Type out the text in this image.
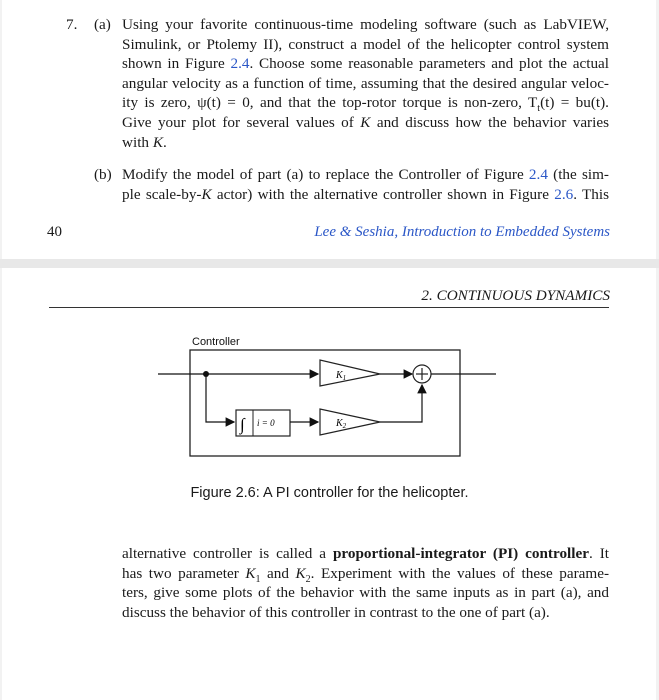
7. (a) Using your favorite continuous-time modeling software (such as LabVIEW,
Simulink, or Ptolemy II), construct a model of the helicopter control system
shown in Figure 2.4. Choose some reasonable parameters and plot the actual
angular velocity as a function of time, assuming that the desired angular veloc-
ity is zero, ψ(t) = 0, and that the top-rotor torque is non-zero, $T_t(t) = bu(t)$.
Give your plot for several values of K and discuss how the behavior varies
with K.
(b) Modify the model of part (a) to replace the Controller of Figure 2.4 (the sim-
ple scale-by-K actor) with the alternative controller shown in Figure 2.6. This
40	Lee & Seshia, Introduction to Embedded Systems
2. CONTINUOUS DYNAMICS
Controller
$K_1$
∫ i = 0	$K_2$
Figure 2.6: A PI controller for the helicopter.
alternative controller is called a proportional-integrator (PI) controller. It
has two parameter $K_1$ and $K_2$. Experiment with the values of these parame-
ters, give some plots of the behavior with the same inputs as in part (a), and
discuss the behavior of this controller in contrast to the one of part (a).
